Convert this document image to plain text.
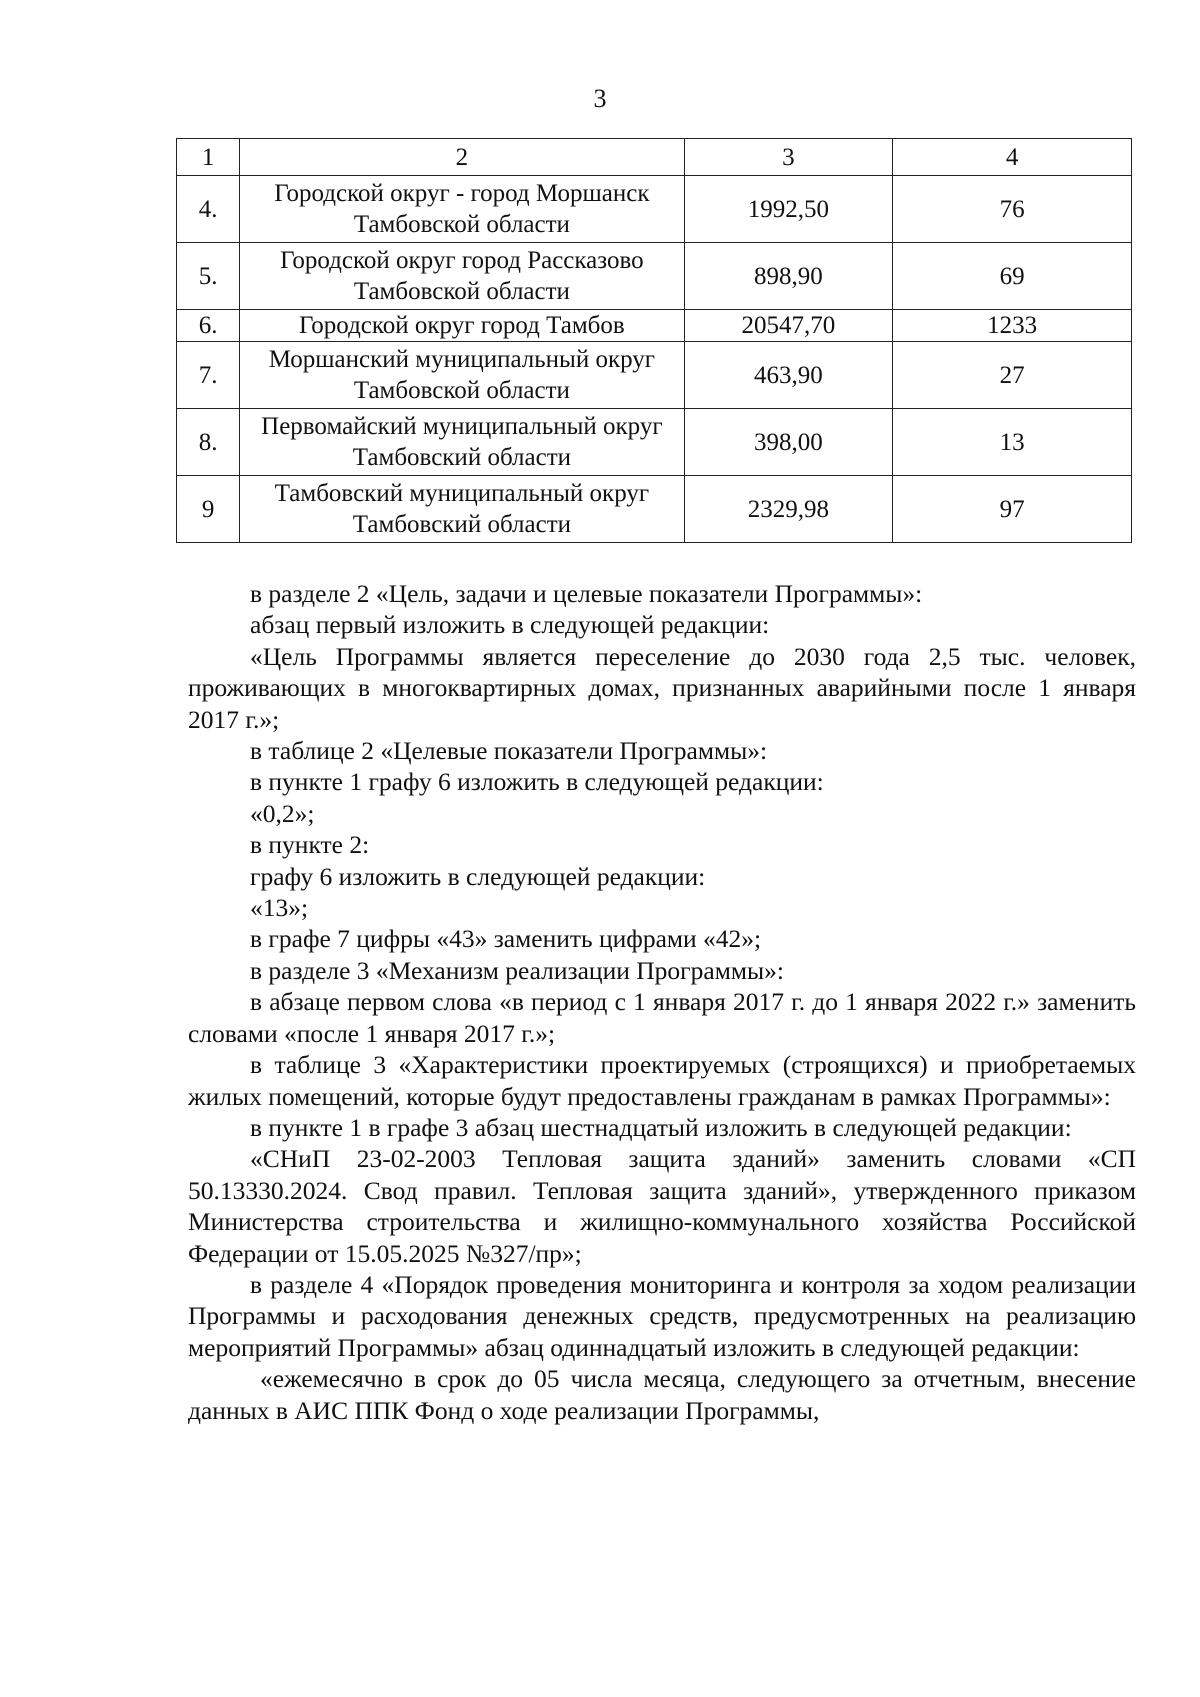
3
1	2	3	4
4.	Городской округ - город Моршанск Тамбовской области	1992,50	76
5.	Городской округ город Рассказово Тамбовской области	898,90	69
6.	Городской округ город Тамбов	20547,70	1233
7.	Моршанский муниципальный округ Тамбовской области	463,90	27
8.	Первомайский муниципальный округ Тамбовский области	398,00	13
9	Тамбовский муниципальный округ Тамбовский области	2329,98	97

в разделе 2 «Цель, задачи и целевые показатели Программы»:

абзац первый изложить в следующей редакции:

«Цель Программы является переселение до 2030 года 2,5 тыс. человек, проживающих в многоквартирных домах, признанных аварийными после 1 января 2017 г.»;

в таблице 2 «Целевые показатели Программы»:

в пункте 1 графу 6 изложить в следующей редакции:

«0,2»;

в пункте 2:

графу 6 изложить в следующей редакции:

«13»;

в графе 7 цифры «43» заменить цифрами «42»;

в разделе 3 «Механизм реализации Программы»:

в абзаце первом слова «в период с 1 января 2017 г. до 1 января 2022 г.» заменить словами «после 1 января 2017 г.»;

в таблице 3 «Характеристики проектируемых (строящихся) и приобретаемых жилых помещений, которые будут предоставлены гражданам в рамках Программы»:

в пункте 1 в графе 3 абзац шестнадцатый изложить в следующей редакции:

«СНиП 23-02-2003 Тепловая защита зданий» заменить словами «СП 50.13330.2024. Свод правил. Тепловая защита зданий», утвержденного приказом Министерства строительства и жилищно-коммунального хозяйства Российской Федерации от 15.05.2025 №327/пр»;

в разделе 4 «Порядок проведения мониторинга и контроля за ходом реализации Программы и расходования денежных средств, предусмотренных на реализацию мероприятий Программы» абзац одиннадцатый изложить в следующей редакции:

«ежемесячно в срок до 05 числа месяца, следующего за отчетным, внесение данных в АИС ППК Фонд о ходе реализации Программы,
